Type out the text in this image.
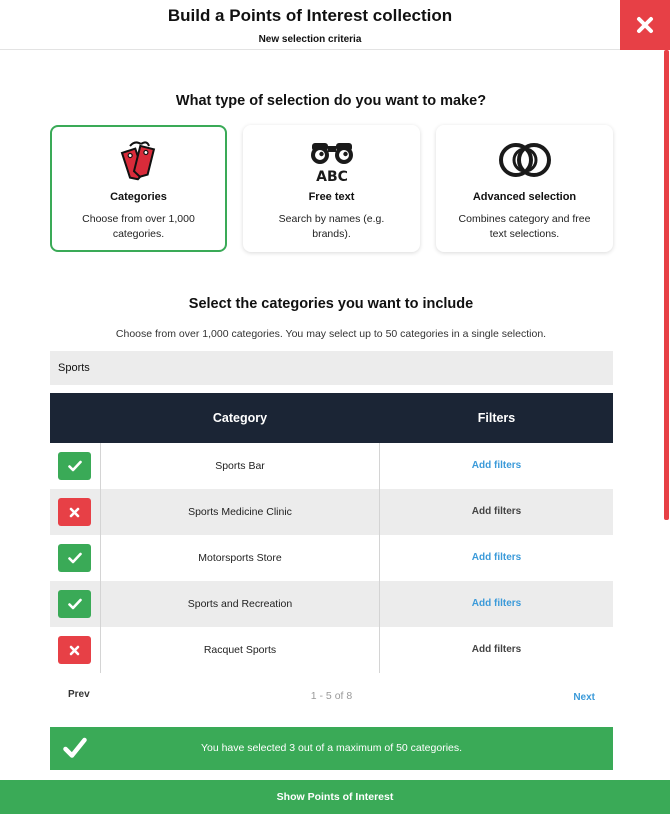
Build a Points of Interest collection
New selection criteria
What type of selection do you want to make?
Categories
Choose from over 1,000 categories.
ABC
Free text
Search by names (e.g. brands).
Advanced selection
Combines category and free text selections.
Select the categories you want to include
Choose from over 1,000 categories. You may select up to 50 categories in a single selection.
Sports
Category	Filters
Sports Bar	Add filters
Sports Medicine Clinic	Add filters
Motorsports Store	Add filters
Sports and Recreation	Add filters
Racquet Sports	Add filters
Prev	1 - 5 of 8	Next
You have selected 3 out of a maximum of 50 categories.
Show Points of Interest
